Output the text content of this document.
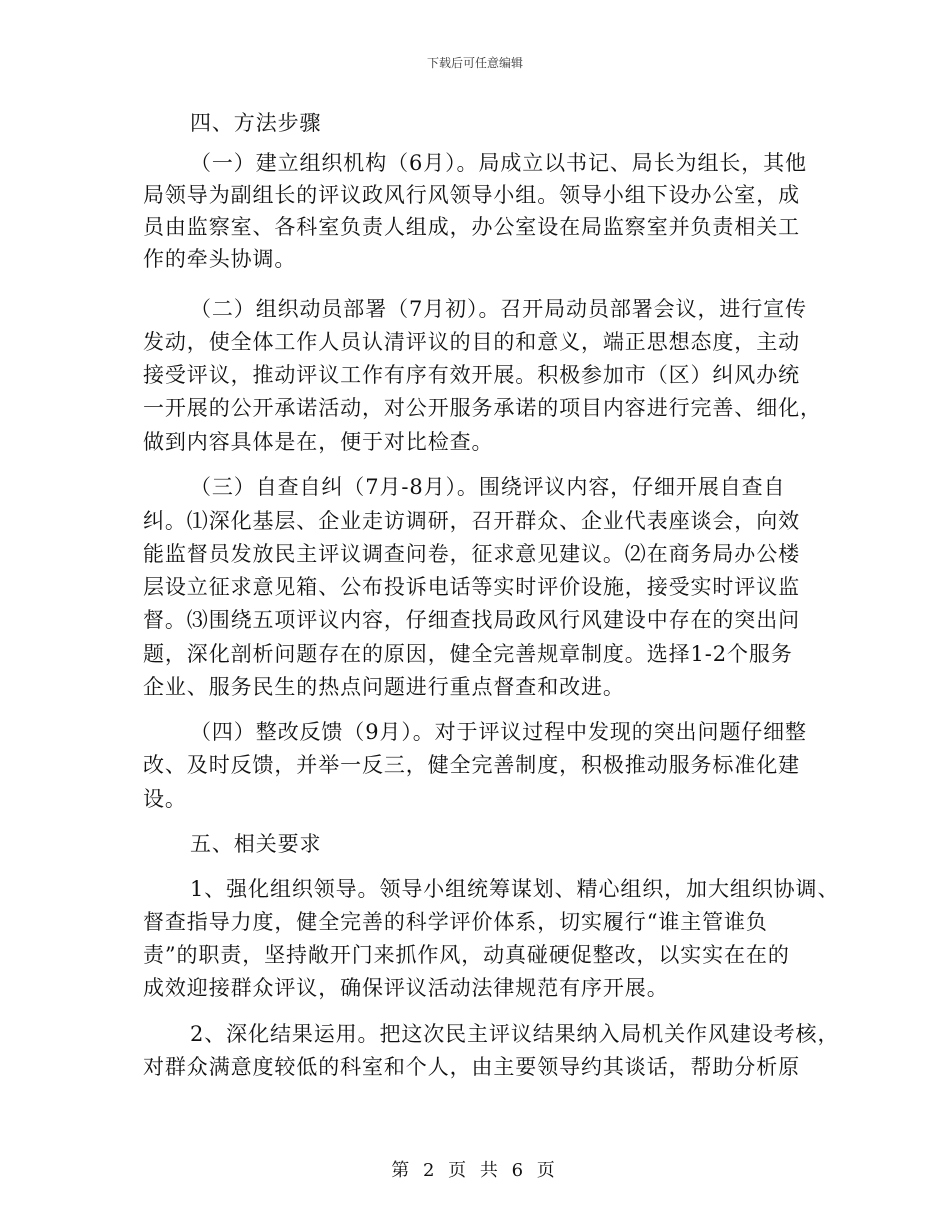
下载后可任意编辑
四、方法步骤
（一）建立组织机构（6月）。局成立以书记、局长为组长，其他
局领导为副组长的评议政风行风领导小组。领导小组下设办公室，成
员由监察室、各科室负责人组成，办公室设在局监察室并负责相关工
作的牵头协调。
（二）组织动员部署（7月初）。召开局动员部署会议，进行宣传
发动，使全体工作人员认清评议的目的和意义，端正思想态度，主动
接受评议，推动评议工作有序有效开展。积极参加市（区）纠风办统
一开展的公开承诺活动，对公开服务承诺的项目内容进行完善、细化，
做到内容具体是在，便于对比检查。
（三）自查自纠（7月-8月）。围绕评议内容，仔细开展自查自
纠。⑴深化基层、企业走访调研，召开群众、企业代表座谈会，向效
能监督员发放民主评议调查问卷，征求意见建议。⑵在商务局办公楼
层设立征求意见箱、公布投诉电话等实时评价设施，接受实时评议监
督。⑶围绕五项评议内容，仔细查找局政风行风建设中存在的突出问
题，深化剖析问题存在的原因，健全完善规章制度。选择1-2个服务
企业、服务民生的热点问题进行重点督查和改进。
（四）整改反馈（9月）。对于评议过程中发现的突出问题仔细整
改、及时反馈，并举一反三，健全完善制度，积极推动服务标准化建
设。
五、相关要求
1、强化组织领导。领导小组统筹谋划、精心组织，加大组织协调、
督查指导力度，健全完善的科学评价体系，切实履行“谁主管谁负
责”的职责，坚持敞开门来抓作风，动真碰硬促整改，以实实在在的
成效迎接群众评议，确保评议活动法律规范有序开展。
2、深化结果运用。把这次民主评议结果纳入局机关作风建设考核，
对群众满意度较低的科室和个人，由主要领导约其谈话，帮助分析原
第 2 页 共 6 页
